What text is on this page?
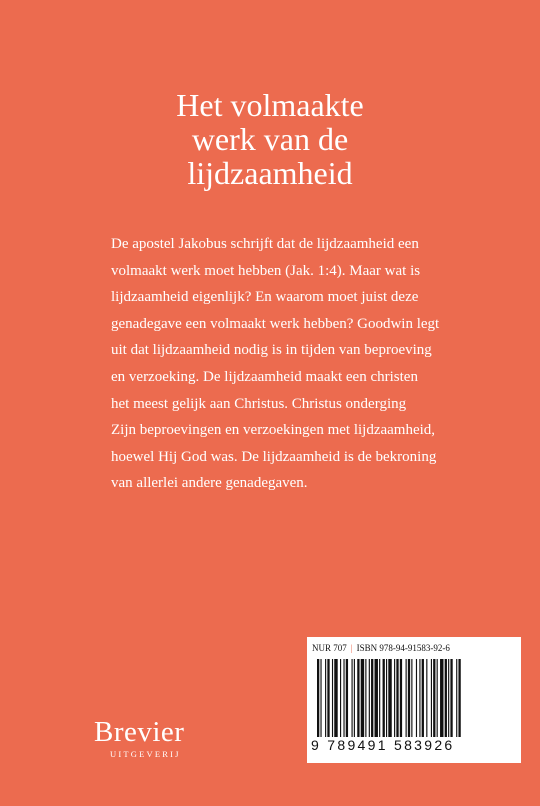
Het volmaakte
werk van de
lijdzaamheid
De apostel Jakobus schrijft dat de lijdzaamheid een
volmaakt werk moet hebben (Jak. 1:4). Maar wat is
lijdzaamheid eigenlijk? En waarom moet juist deze
genadegave een volmaakt werk hebben? Goodwin legt
uit dat lijdzaamheid nodig is in tijden van beproeving
en verzoeking. De lijdzaamheid maakt een christen
het meest gelijk aan Christus. Christus onderging
Zijn beproevingen en verzoekingen met lijdzaamheid,
hoewel Hij God was. De lijdzaamheid is de bekroning
van allerlei andere genadegaven.
NUR 707 | ISBN 978-94-91583-92-6
9 789491 583926
Brevier
UITGEVERIJ
